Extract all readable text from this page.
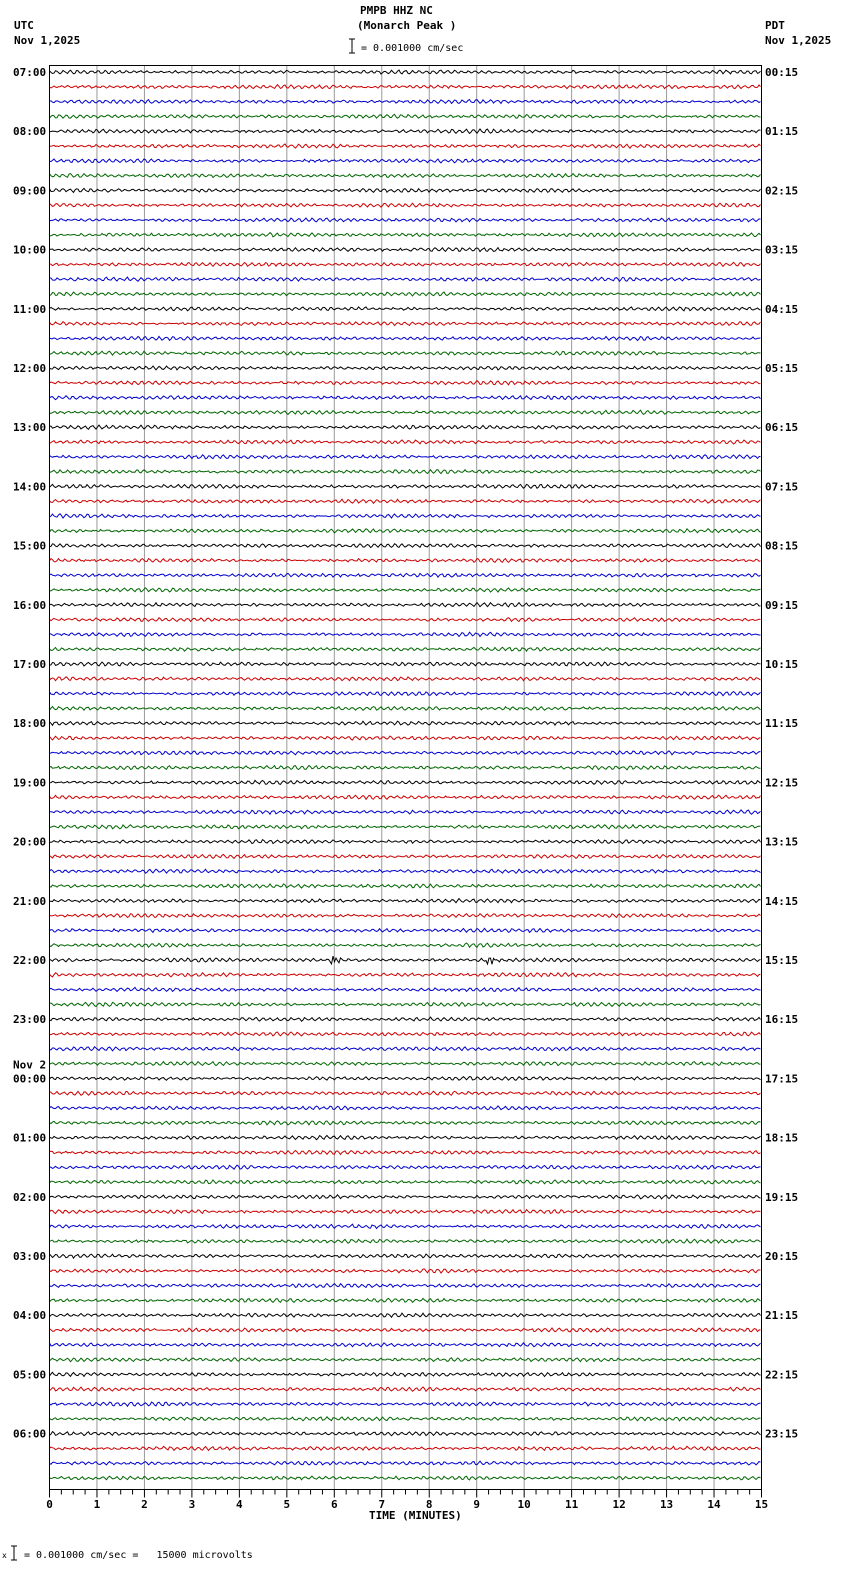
0	1	2	3	4	5	6	7	8	9	10	11	12	13	14	15
07:00
08:00
09:00
10:00
11:00
12:00
13:00
14:00
15:00
16:00
17:00
18:00
19:00
20:00
21:00
22:00
23:00
00:00
Nov 2
01:00
02:00
03:00
04:00
05:00
06:00
00:15
01:15
02:15
03:15
04:15
05:15
06:15
07:15
08:15
09:15
10:15
11:15
12:15
13:15
14:15
15:15
16:15
17:15
18:15
19:15
20:15
21:15
22:15
23:15
x
PMPB HHZ NC
(Monarch Peak )
= 0.001000 cm/sec
UTC
Nov 1,2025
PDT
Nov 1,2025
TIME (MINUTES)
= 0.001000 cm/sec =   15000 microvolts
